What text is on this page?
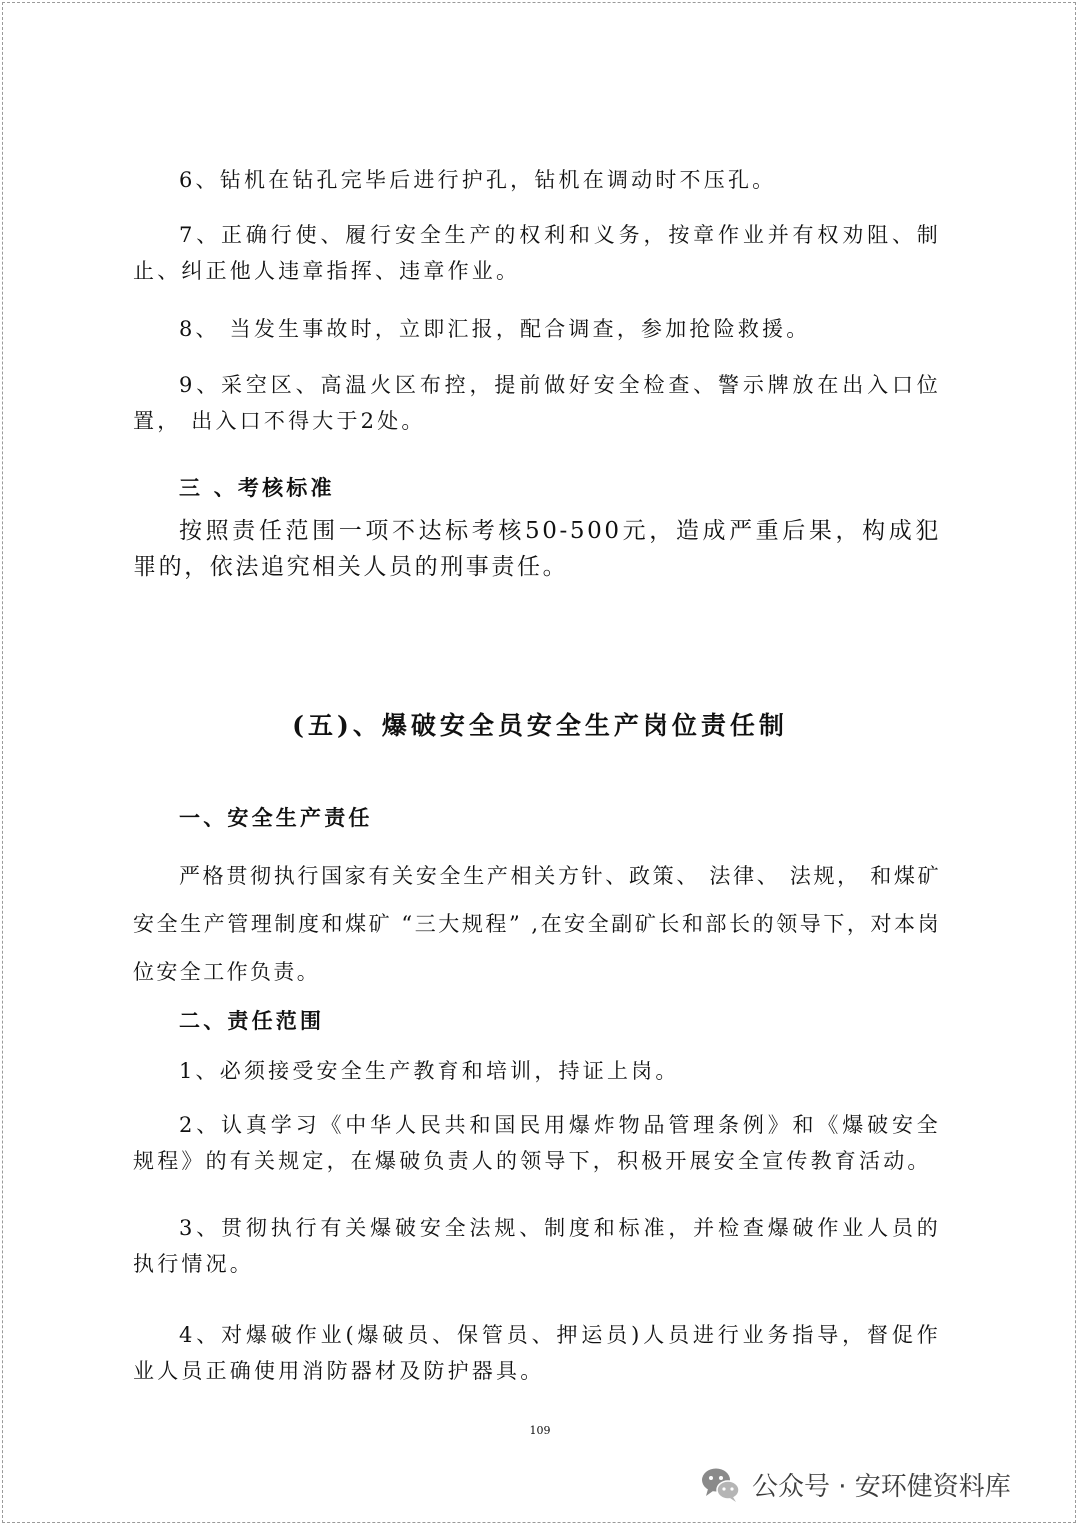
6、钻机在钻孔完毕后进行护孔，钻机在调动时不压孔。

7、正确行使、履行安全生产的权利和义务，按章作业并有权劝阻、制止、纠正他人违章指挥、违章作业。

8、 当发生事故时，立即汇报，配合调查，参加抢险救援。

9、采空区、高温火区布控，提前做好安全检查、警示牌放在出入口位置， 出入口不得大于2处。

三 、考核标准

按照责任范围一项不达标考核50-500元，造成严重后果，构成犯罪的，依法追究相关人员的刑事责任。

(五)、爆破安全员安全生产岗位责任制

一、安全生产责任

严格贯彻执行国家有关安全生产相关方针、政策、 法律、 法规， 和煤矿安全生产管理制度和煤矿 “三大规程” ,在安全副矿长和部长的领导下，对本岗位安全工作负责。

二、责任范围

1、必须接受安全生产教育和培训，持证上岗。

2、认真学习《中华人民共和国民用爆炸物品管理条例》和《爆破安全规程》的有关规定，在爆破负责人的领导下，积极开展安全宣传教育活动。

3、贯彻执行有关爆破安全法规、制度和标准，并检查爆破作业人员的执行情况。

4、对爆破作业(爆破员、保管员、押运员)人员进行业务指导，督促作业人员正确使用消防器材及防护器具。

109
公众号 · 安环健资料库
